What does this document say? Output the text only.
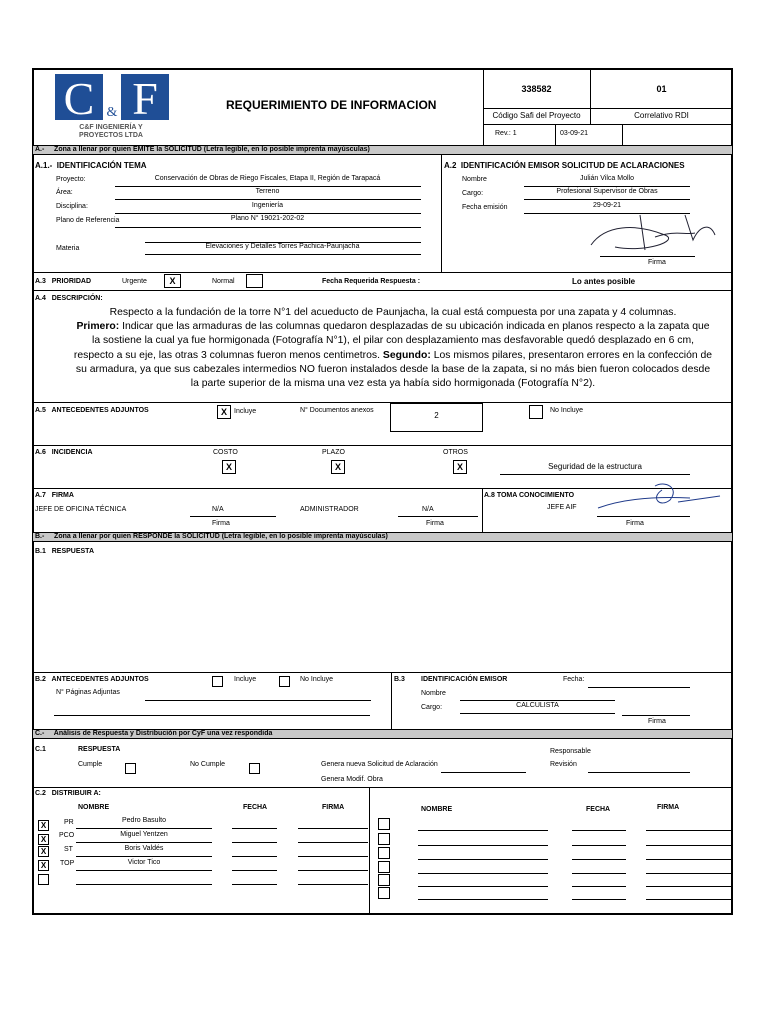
C F
&
C&F INGENIERÍA Y PROYECTOS LTDA
REQUERIMIENTO DE INFORMACION
338582	01
Código Safi del Proyecto	Correlativo RDI
Rev.: 1	03-09-21
A.-     Zona a llenar por quien EMITE la SOLICITUD (Letra legible, en lo posible imprenta mayúsculas)
A.1.-  IDENTIFICACIÓN TEMA
Proyecto:	Conservación de Obras de Riego Fiscales, Etapa II, Región de Tarapacá
Área:	Terreno
Disciplina:	Ingeniería
Plano de Referencia	Plano N° 19021-202-02
Materia	Elevaciones y Detalles Torres Pachica-Paunjacha
A.2  IDENTIFICACIÓN EMISOR SOLICITUD DE ACLARACIONES
Nombre	Julián Vilca Mollo
Cargo:	Profesional Supervisor de Obras
Fecha emisión	29-09-21
Firma
A.3   PRIORIDAD	Urgente	X	Normal	Fecha Requerida Respuesta :	Lo antes posible
A.4   DESCRIPCIÓN:
Respecto a la fundación de la torre N°1 del acueducto de Paunjacha, la cual está compuesta por una zapata y 4 columnas.
Primero: Indicar que las armaduras de las columnas quedaron desplazadas de su ubicación indicada en planos respecto a la zapata que
la sostiene la cual ya fue hormigonada (Fotografía N°1), el pilar con desplazamiento mas desfavorable quedó desplazado en 6 cm,
respecto a su eje, las otras 3 columnas fueron menos centimetros. Segundo: Los mismos pilares, presentaron errores en la confección de
su armadura, ya que sus cabezales intermedios NO fueron instalados desde la base de la zapata, si no más bien fueron colocados desde
la parte superior de la misma una vez esta ya había sido hormigonada (Fotografía N°2).
A.5   ANTECEDENTES ADJUNTOS	X	Incluye	N° Documentos anexos
2
No Incluye
A.6   INCIDENCIA	COSTO	PLAZO	OTROS
X	X	X	Seguridad de la estructura
A.7   FIRMA
JEFE DE OFICINA TÉCNICA	N/A
Firma
ADMINISTRADOR	N/A
Firma
A.8 TOMA CONOCIMIENTO
JEFE AIF
Firma
B.-     Zona a llenar por quien RESPONDE la SOLICITUD (Letra legible, en lo posible imprenta mayúsculas)
B.1   RESPUESTA
B.2   ANTECEDENTES ADJUNTOS	Incluye	No Incluye
N° Páginas Adjuntas
B.3 IDENTIFICACIÓN EMISOR	Fecha:
Nombre
Cargo:	CALCULISTA
Firma
C.-     Análisis de Respuesta y Distribución por CyF una vez respondida
C.1	RESPUESTA
Cumple	No Cumple	Genera nueva Solicitud de Aclaración
Genera Modif. Obra
Responsable
Revisión
C.2   DISTRIBUIR A:
NOMBRE	FECHA	FIRMA	NOMBRE	FECHA	FIRMA
X	PR	Pedro Basulto
X	PCO	Miguel Yentzen
X	ST	Boris Valdés
X	TOP	Victor Tico
